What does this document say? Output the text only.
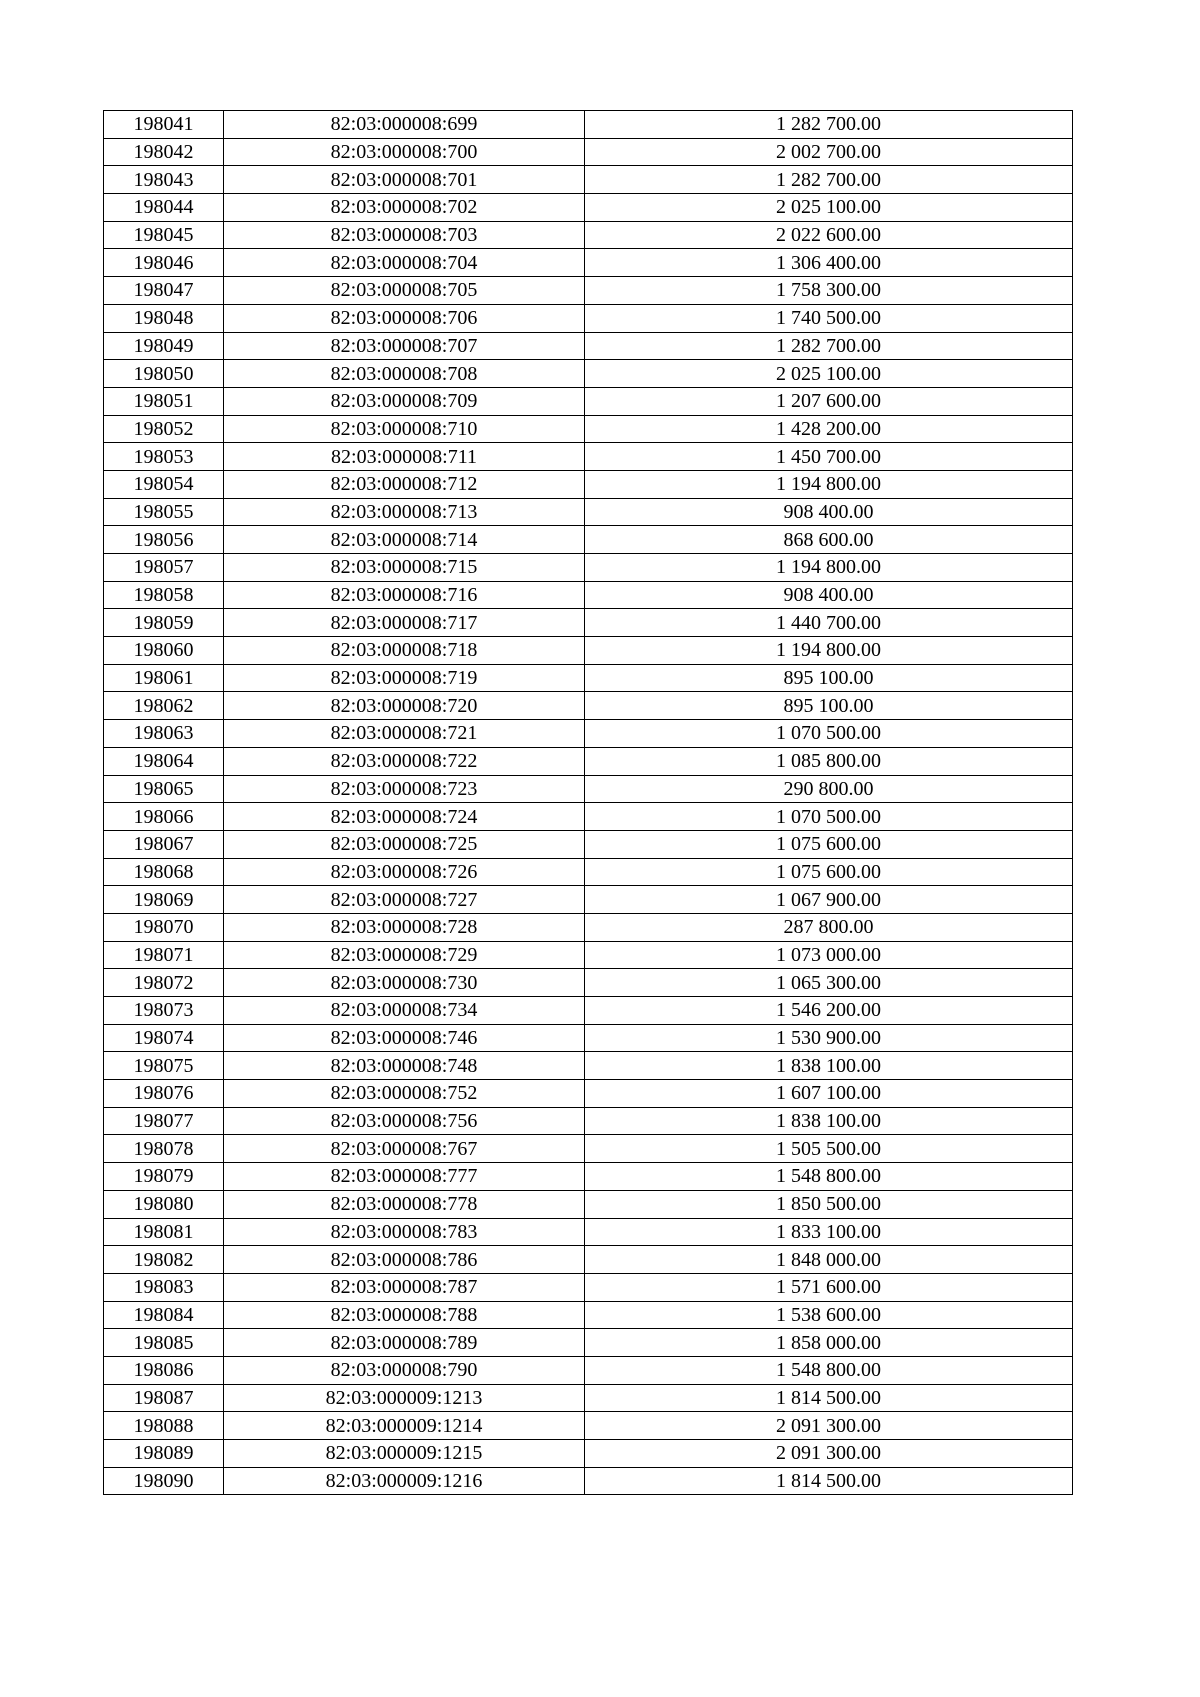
198041	82:03:000008:699	1 282 700.00
198042	82:03:000008:700	2 002 700.00
198043	82:03:000008:701	1 282 700.00
198044	82:03:000008:702	2 025 100.00
198045	82:03:000008:703	2 022 600.00
198046	82:03:000008:704	1 306 400.00
198047	82:03:000008:705	1 758 300.00
198048	82:03:000008:706	1 740 500.00
198049	82:03:000008:707	1 282 700.00
198050	82:03:000008:708	2 025 100.00
198051	82:03:000008:709	1 207 600.00
198052	82:03:000008:710	1 428 200.00
198053	82:03:000008:711	1 450 700.00
198054	82:03:000008:712	1 194 800.00
198055	82:03:000008:713	908 400.00
198056	82:03:000008:714	868 600.00
198057	82:03:000008:715	1 194 800.00
198058	82:03:000008:716	908 400.00
198059	82:03:000008:717	1 440 700.00
198060	82:03:000008:718	1 194 800.00
198061	82:03:000008:719	895 100.00
198062	82:03:000008:720	895 100.00
198063	82:03:000008:721	1 070 500.00
198064	82:03:000008:722	1 085 800.00
198065	82:03:000008:723	290 800.00
198066	82:03:000008:724	1 070 500.00
198067	82:03:000008:725	1 075 600.00
198068	82:03:000008:726	1 075 600.00
198069	82:03:000008:727	1 067 900.00
198070	82:03:000008:728	287 800.00
198071	82:03:000008:729	1 073 000.00
198072	82:03:000008:730	1 065 300.00
198073	82:03:000008:734	1 546 200.00
198074	82:03:000008:746	1 530 900.00
198075	82:03:000008:748	1 838 100.00
198076	82:03:000008:752	1 607 100.00
198077	82:03:000008:756	1 838 100.00
198078	82:03:000008:767	1 505 500.00
198079	82:03:000008:777	1 548 800.00
198080	82:03:000008:778	1 850 500.00
198081	82:03:000008:783	1 833 100.00
198082	82:03:000008:786	1 848 000.00
198083	82:03:000008:787	1 571 600.00
198084	82:03:000008:788	1 538 600.00
198085	82:03:000008:789	1 858 000.00
198086	82:03:000008:790	1 548 800.00
198087	82:03:000009:1213	1 814 500.00
198088	82:03:000009:1214	2 091 300.00
198089	82:03:000009:1215	2 091 300.00
198090	82:03:000009:1216	1 814 500.00
